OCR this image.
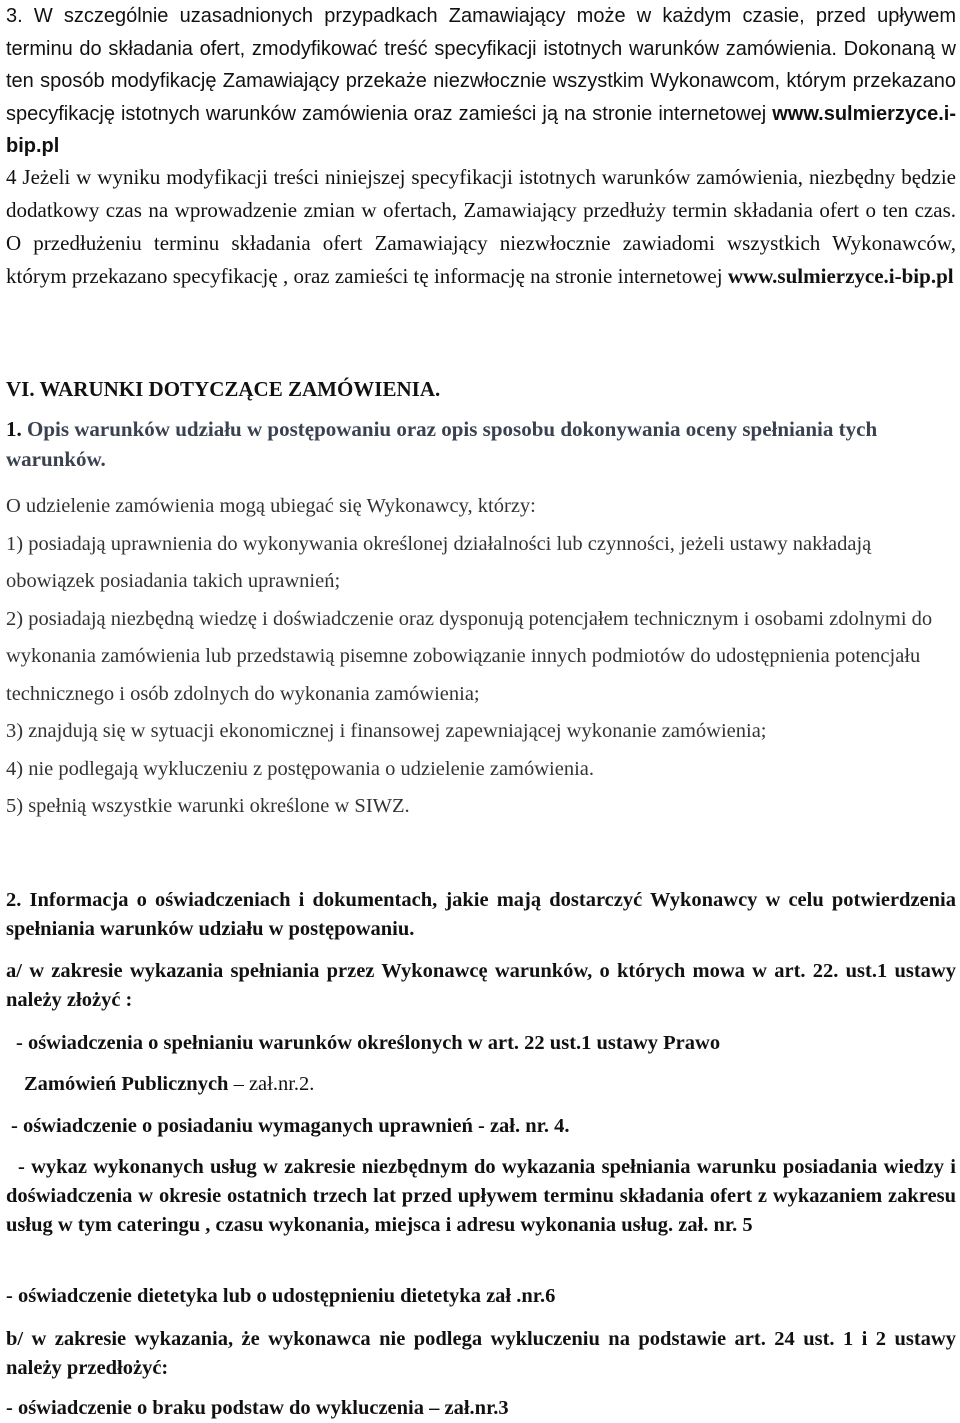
3. W szczególnie uzasadnionych przypadkach Zamawiający może w każdym czasie, przed upływem terminu do składania ofert, zmodyfikować treść specyfikacji istotnych warunków zamówienia. Dokonaną w ten sposób modyfikację Zamawiający przekaże niezwłocznie wszystkim Wykonawcom, którym przekazano specyfikację istotnych warunków zamówienia oraz zamieści ją na stronie internetowej www.sulmierzyce.i-bip.pl

4 Jeżeli w wyniku modyfikacji treści niniejszej specyfikacji istotnych warunków zamówienia, niezbędny będzie dodatkowy czas na wprowadzenie zmian w ofertach, Zamawiający przedłuży termin składania ofert o ten czas. O przedłużeniu terminu składania ofert Zamawiający niezwłocznie zawiadomi wszystkich Wykonawców, którym przekazano specyfikację , oraz zamieści tę informację na stronie internetowej www.sulmierzyce.i-bip.pl

VI. WARUNKI DOTYCZĄCE ZAMÓWIENIA.

1. Opis warunków udziału w postępowaniu oraz opis sposobu dokonywania oceny spełniania tych warunków.

O udzielenie zamówienia mogą ubiegać się Wykonawcy, którzy:

1) posiadają uprawnienia do wykonywania określonej działalności lub czynności, jeżeli ustawy nakładają obowiązek posiadania takich uprawnień;

2) posiadają niezbędną wiedzę i doświadczenie oraz dysponują potencjałem technicznym i osobami zdolnymi do wykonania zamówienia lub przedstawią pisemne zobowiązanie innych podmiotów do udostępnienia potencjału technicznego i osób zdolnych do wykonania zamówienia;

3) znajdują się w sytuacji ekonomicznej i finansowej zapewniającej wykonanie zamówienia;

4) nie podlegają wykluczeniu z postępowania o udzielenie zamówienia.

5) spełnią wszystkie warunki określone w SIWZ.

2. Informacja o oświadczeniach i dokumentach, jakie mają dostarczyć Wykonawcy w celu potwierdzenia spełniania warunków udziału w postępowaniu.

a/ w zakresie wykazania spełniania przez Wykonawcę warunków, o których mowa w art. 22. ust.1 ustawy należy złożyć :

- oświadczenia o spełnianiu warunków określonych w art. 22 ust.1 ustawy Prawo

Zamówień Publicznych – zał.nr.2.

- oświadczenie o posiadaniu wymaganych uprawnień - zał. nr. 4.

- wykaz wykonanych usług w zakresie niezbędnym do wykazania spełniania warunku posiadania wiedzy i doświadczenia w okresie ostatnich trzech lat przed upływem terminu składania ofert z wykazaniem zakresu usług w tym cateringu , czasu wykonania, miejsca i adresu wykonania usług. zał. nr. 5

- oświadczenie dietetyka lub o udostępnieniu dietetyka zał .nr.6

b/ w zakresie wykazania, że wykonawca nie podlega wykluczeniu na podstawie art. 24 ust. 1 i 2 ustawy należy przedłożyć:

- oświadczenie o braku podstaw do wykluczenia – zał.nr.3
